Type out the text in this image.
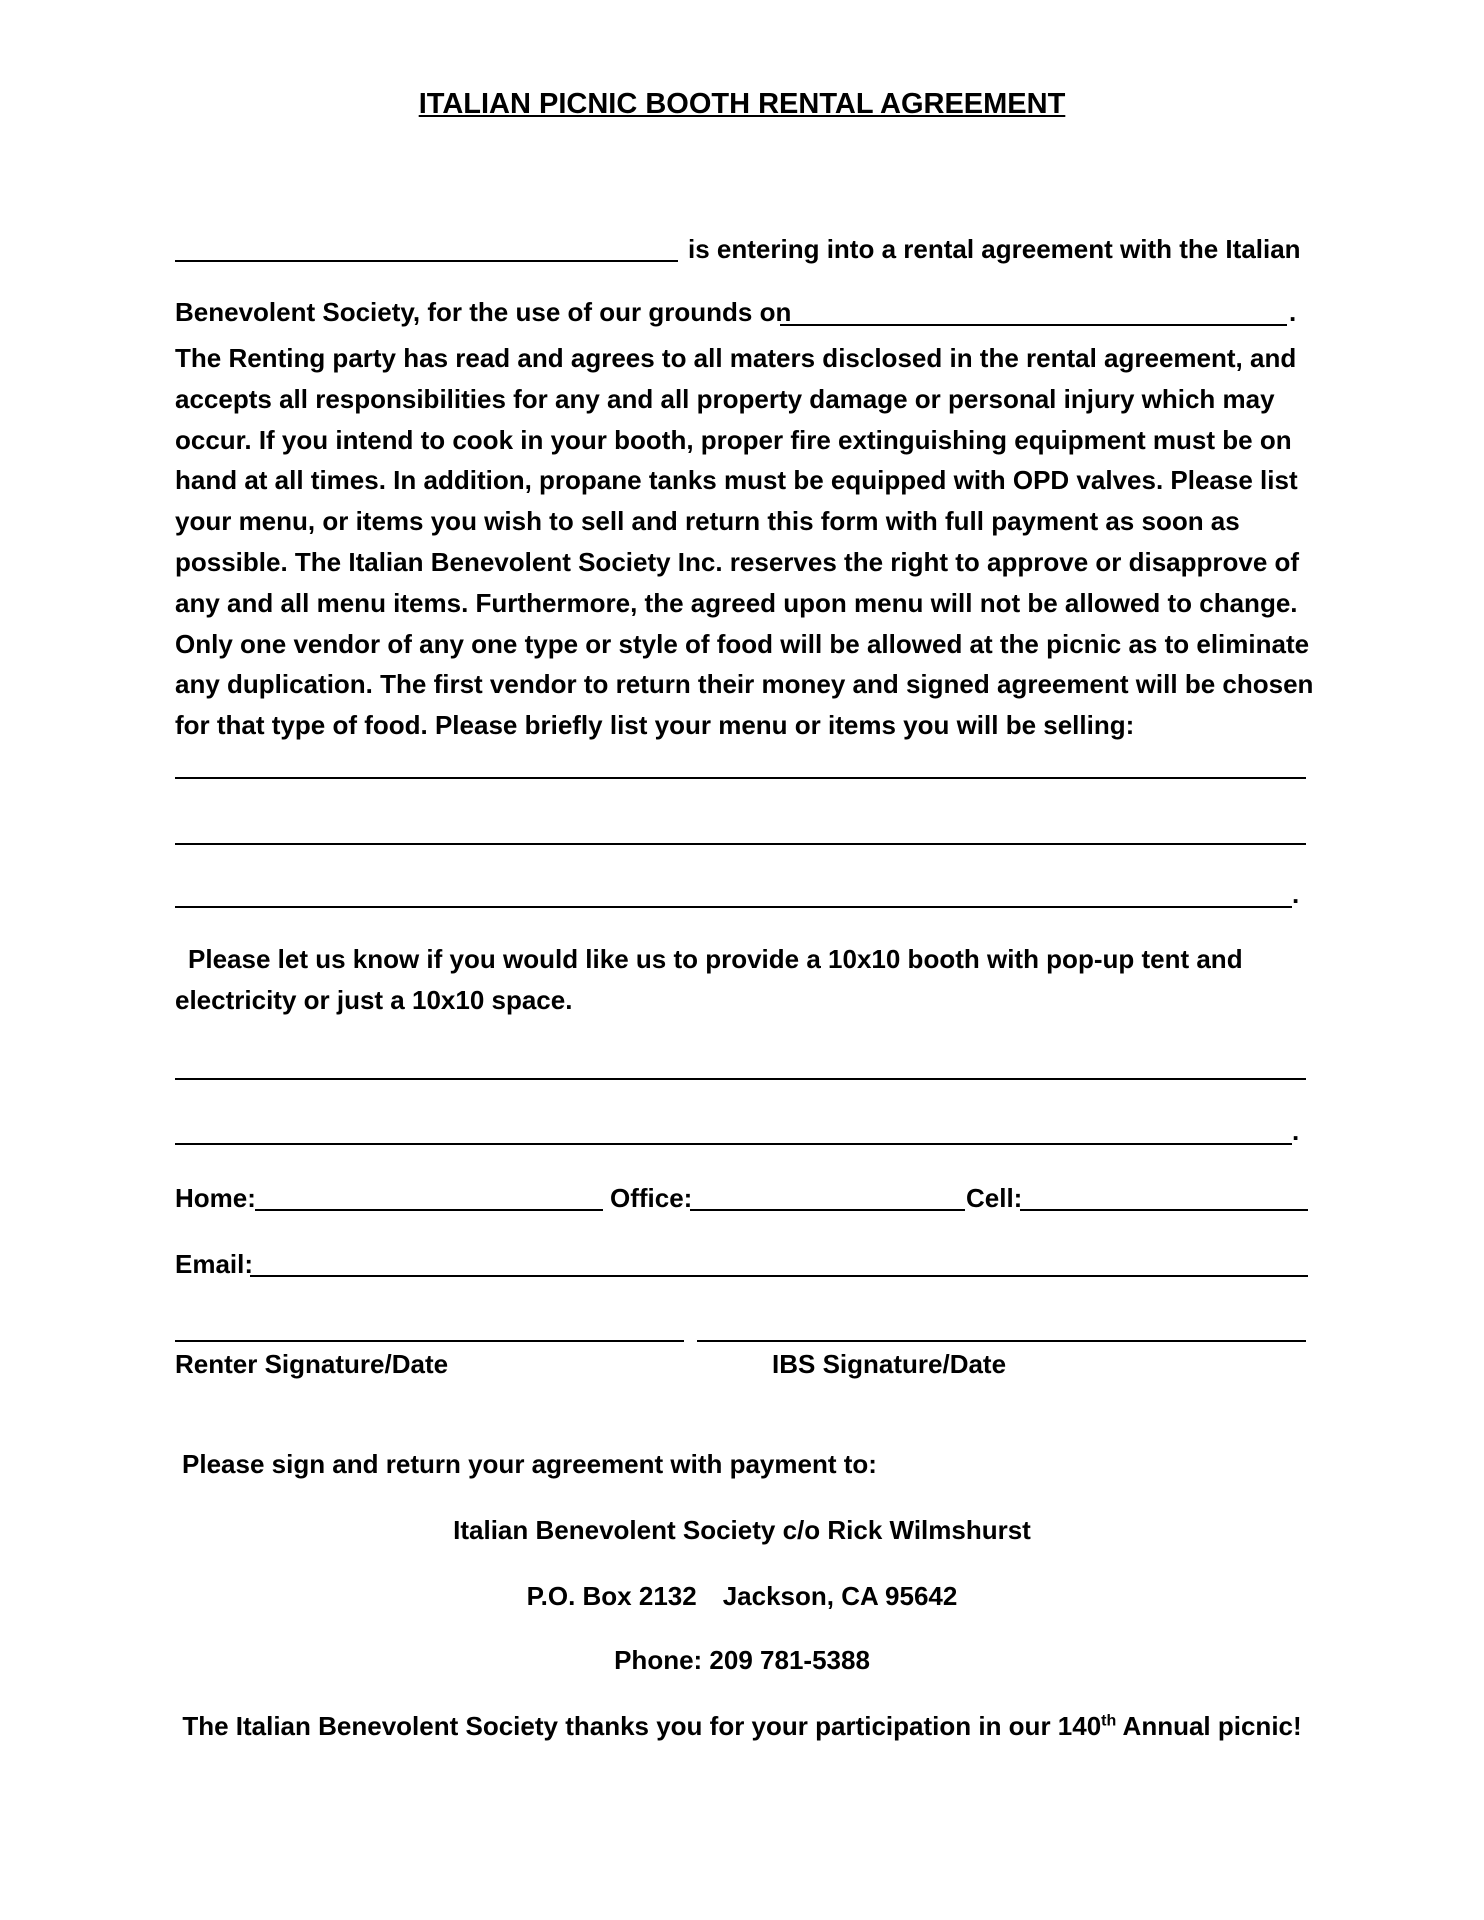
ITALIAN PICNIC BOOTH RENTAL AGREEMENT
is entering into a rental agreement with the Italian
Benevolent Society, for the use of our grounds on	.
The Renting party has read and agrees to all maters disclosed in the rental agreement, and accepts all responsibilities for any and all property damage or personal injury which may occur. If you intend to cook in your booth, proper fire extinguishing equipment must be on hand at all times. In addition, propane tanks must be equipped with OPD valves. Please list your menu, or items you wish to sell and return this form with full payment as soon as possible. The Italian Benevolent Society Inc. reserves the right to approve or disapprove of any and all menu items. Furthermore, the agreed upon menu will not be allowed to change. Only one vendor of any one type or style of food will be allowed at the picnic as to eliminate any duplication. The first vendor to return their money and signed agreement will be chosen for that type of food. Please briefly list your menu or items you will be selling:
.
Please let us know if you would like us to provide a 10x10 booth with pop-up tent and electricity or just a 10x10 space.
.
Home:	Office:	Cell:
Email:
Renter Signature/Date	IBS Signature/Date
Please sign and return your agreement with payment to:
Italian Benevolent Society c/o Rick Wilmshurst
P.O. Box 2132 Jackson, CA 95642
Phone: 209 781-5388
The Italian Benevolent Society thanks you for your participation in our 140th Annual picnic!
